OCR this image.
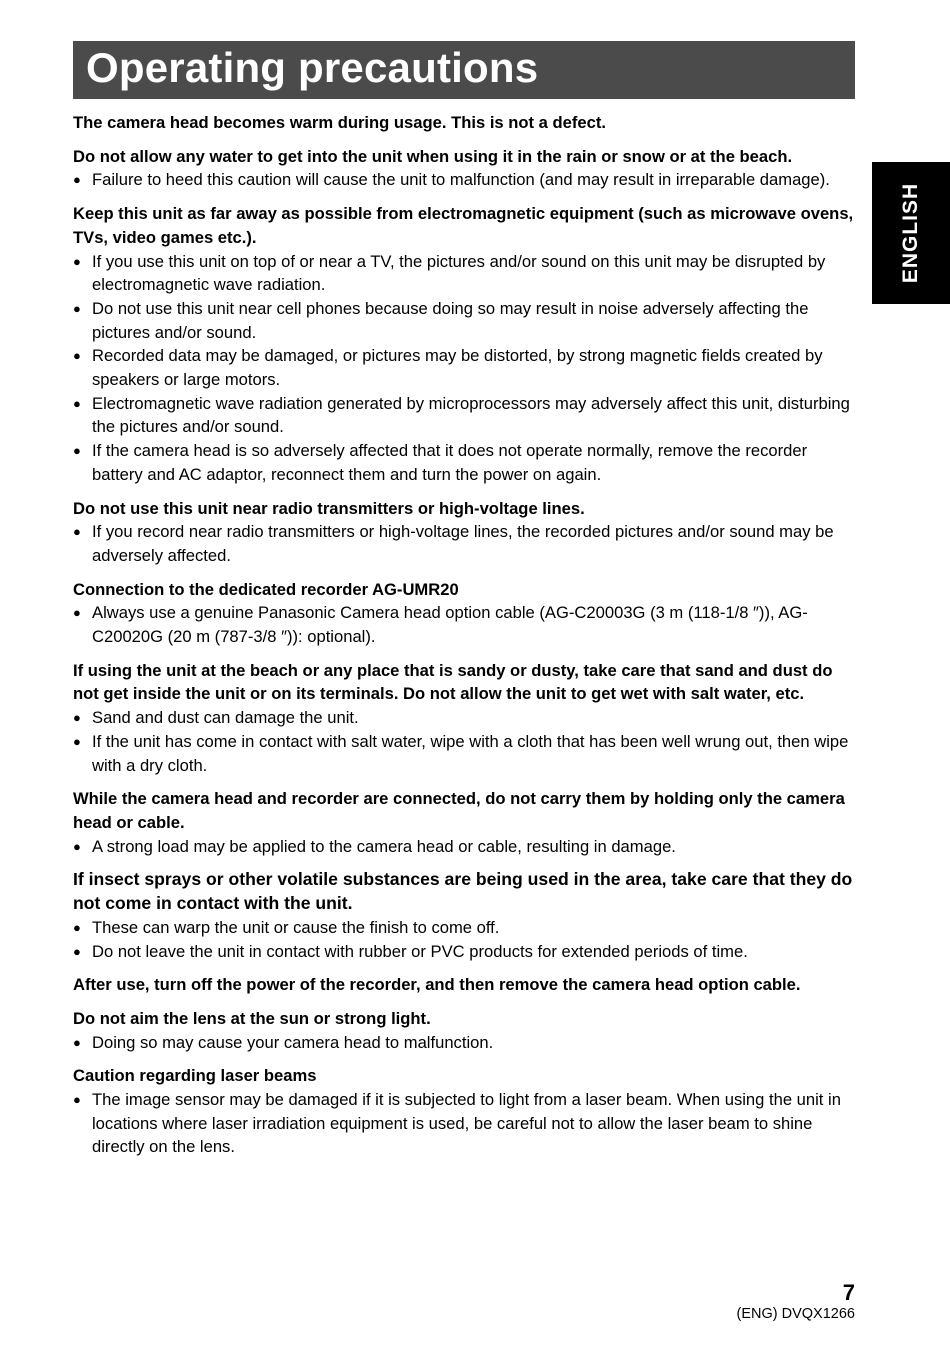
Operating precautions
ENGLISH
The camera head becomes warm during usage. This is not a defect.
Do not allow any water to get into the unit when using it in the rain or snow or at the beach.
● Failure to heed this caution will cause the unit to malfunction (and may result in irreparable damage).
Keep this unit as far away as possible from electromagnetic equipment (such as microwave ovens, TVs, video games etc.).
● If you use this unit on top of or near a TV, the pictures and/or sound on this unit may be disrupted by electromagnetic wave radiation.
● Do not use this unit near cell phones because doing so may result in noise adversely affecting the pictures and/or sound.
● Recorded data may be damaged, or pictures may be distorted, by strong magnetic fields created by speakers or large motors.
● Electromagnetic wave radiation generated by microprocessors may adversely affect this unit, disturbing the pictures and/or sound.
● If the camera head is so adversely affected that it does not operate normally, remove the recorder battery and AC adaptor, reconnect them and turn the power on again.
Do not use this unit near radio transmitters or high-voltage lines.
● If you record near radio transmitters or high-voltage lines, the recorded pictures and/or sound may be adversely affected.
Connection to the dedicated recorder AG-UMR20
● Always use a genuine Panasonic Camera head option cable (AG-C20003G (3 m (118-1/8 ″)), AG-C20020G (20 m (787-3/8 ″)): optional).
If using the unit at the beach or any place that is sandy or dusty, take care that sand and dust do not get inside the unit or on its terminals. Do not allow the unit to get wet with salt water, etc.
● Sand and dust can damage the unit.
● If the unit has come in contact with salt water, wipe with a cloth that has been well wrung out, then wipe with a dry cloth.
While the camera head and recorder are connected, do not carry them by holding only the camera head or cable.
● A strong load may be applied to the camera head or cable, resulting in damage.
If insect sprays or other volatile substances are being used in the area, take care that they do not come in contact with the unit.
● These can warp the unit or cause the finish to come off.
● Do not leave the unit in contact with rubber or PVC products for extended periods of time.
After use, turn off the power of the recorder, and then remove the camera head option cable.
Do not aim the lens at the sun or strong light.
● Doing so may cause your camera head to malfunction.
Caution regarding laser beams
● The image sensor may be damaged if it is subjected to light from a laser beam. When using the unit in locations where laser irradiation equipment is used, be careful not to allow the laser beam to shine directly on the lens.
7
(ENG) DVQX1266
